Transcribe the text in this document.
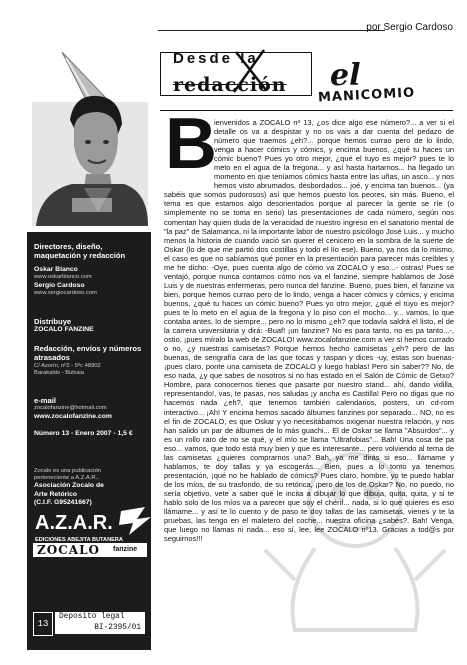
por Sergio Cardoso
Desde la
redacción el
MANICOMIO
Directores, diseño, maquetación y redacción
Oskar Blanco
www.oskarblanco.com
Sergio Cardoso
www.sergiocardoso.com
Distribuye
ZOCALO FANZINE
Redacción, envíos y números atrasados
C/ Azorín, nº2 - 5ºc 48902
Barakaldo - Bizkaia
e-mail
zocalofanzine@hotmail.com
www.zocalofanzine.com
Número 13 - Enero 2007 - 1,5 €
Zocalo es una publicación
perteneciente a A.Z.A.R.,
Asociación Zocalo de
Arte Retórico
(C.I.F. G95241667)
A.Z.A.R.
EDICIONES ABEJITA BUTANERA
ZOCALO fanzine
13
Deposito legal
BI-2395/01
B

ienvenidos a ZOCALO nº 13, ¿os dice algo ese número?... a ver si el detalle os va a despistar y no os vais a dar cuenta del pedazo de número que traemos ¿eh?... porque hemos currao pero de lo lindo, venga a hacer cómics y cómics, y encima buenos, ¿qué tu haces un cómic bueno? Pues yo otro mejor, ¿qué el tuyo es mejor? pues te lo meto en el agua de la fregona... y así hasta hartarnos... ha llegado un momento en que teníamos cómics hasta entre las uñas, un asco... y nos hemos visto abrumados, desbordados... joé, y encima tan buenos... (ya sabéis que somos pudorosos) así que hemos puesto los peores, sin más. Bueno, el tema es que estamos algo desorientados porque al parecer la gente se ríe (o simplemente no se toma en serio) las presentaciones de cada número, según nos comentan hay quien duda de la veracidad de nuestro ingreso en el sanatorio mental de "la paz" de Salamanca, ni la importante labor de nuestro psicólogo José Luis... y mucho menos la historia de cuando vació sin querer el cenicero en la sombra de la suerte de Oskar (lo de que me partió dos costillas y todo el lío ese). Bueno, ya nos da lo mismo, el caso es que no sabíamos qué poner en la presentación para parecer más creíbles y me he dicho: -Oye, pues cuenta algo de cómo va ZOCALO y eso...- ostras! Pues se ventajó, porque nunca contamos cómo nos va el fanzine, siempre hablamos de José Luis y de nuestras enfermeras, pero nunca del fanzine. Bueno, pues bien, el fanzine va bien, porque hemos currao pero de lo lindo, venga a hacer cómics y cómics, y encima buenos, ¿qué tu haces un cómic bueno? Pues yo otro mejor, ¿qué el tuyo es mejor? pues te lo meto en el agua de la fregona y lo piso con el mocho... y... vamos, lo que contaba antes, lo de siempre... pero no lo mismo ¿eh? que todavía saldrá el listo, el de la carrera universitaria y dirá: -Buaf! ¡un fanzine? No es para tanto, no es pa tanto...-, ostio, ¡pues míralo la web de ZOCALO! www.zocalofanzine.com a ver si hemos currado o no, ¿y nuestras camisetas? Porque hemos hecho camisetas ¿eh? pero de las buenas, de serigrafía cara de las que tocas y raspan y dices -uy, estas son buenas- ¡pues claro, ponte una camiseta de ZOCALO y luego hablas! Pero sin saber?? No, de eso nada, ¿y que sabes de nosotros si no has estado en el Salón de Cómic de Getxo? Hombre, para conocernos tienes que pasarte por nuestro stand... ahí, dando vidilla, representando!, vas, te pasas, nos saludas ¡y ancha es Castilla! Pero no digas que no hacemos nada ¿eh?, que tenemos también calendarios, posters, un cd-rom interactivo... ¡Ah! Y encima hemos sacado álbumes fanzines por separado... NO, no es el fin de ZOCALO, es que Oskar y yo necesitábamos oxigenar nuestra relación, y nos han salido un par de álbumes de lo más guachi... El de Oskar se llama "Absurdos"... y es un rollo raro de no se qué, y el mío se llama "Ultrafobias"... Bah! Una cosa de pa eso... vamos, que todo está muy bien y que es interesante... pero volviendo al tema de las camisetas ¿quieres comprarnos una? Bah, ya me dirás si eso... llámame y hablamos, te doy tallas y ya escogerás... Bien, pues a lo tonto ya tenemos presentación, ¡qué no he hablado de cómics? Pues claro, hombre, yo te puedo hablar de los míos, de su trasfondo, de su retórica, ¡pero de los de Oskar? No, no puedo, no sería objetivo, vete a saber qué le incita a dibujar lo que dibuja, quita, quita, y si te hablo solo de los míos va a parecer que soy el chérif... nada, si lo que quieres es eso llámame... y así te lo cuento y de paso te doy tallas de las camisetas, vienes y te la pruebas, las tengo en el maletero del coche... nuestra oficina ¿sabes?. Bah! Venga, que luego no llamas ni nada... eso sí, lee, lee ZOCALO nº13. Gracias a tod@s por seguirnos!!!
